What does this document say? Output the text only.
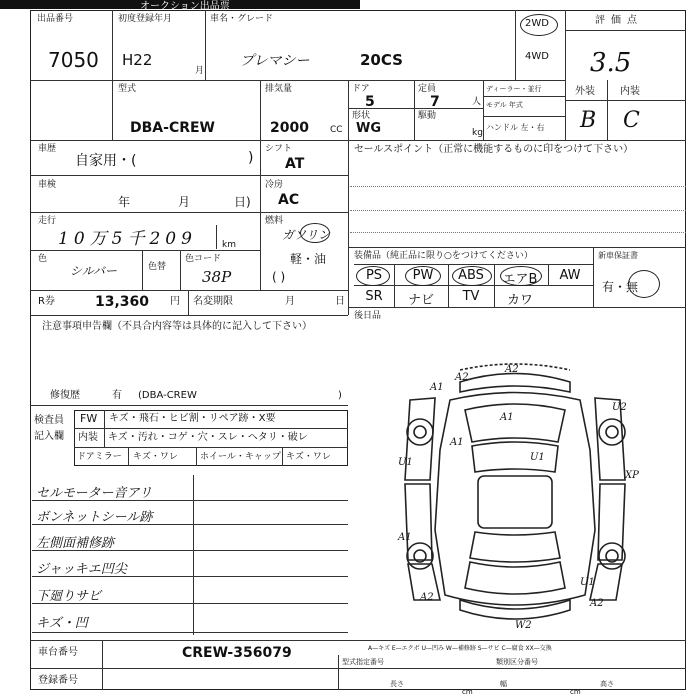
オークション出品票
出品番号
7050
初度登録年月
H22
月
車名・グレード
プレマシー	20CS
2WD
4WD
評価点
3.5
外装	内装
B C
型式
DBA-CREW
排気量
2000 CC
ドア
5
定員
7	人
形状
WG
駆動
kg
ディーラー・並行
モデル 年式
ハンドル 左・右
車歴
自家用・(	)
シフト
AT
車検
年	月	日)
冷房
AC
走行
10万5千209	km
燃料
ガソリン
軽・油
( )
色
シルバー	色替
色コード
38P
R券	13,360 円 名変期限	月	日
セールスポイント（正常に機能するものに印をつけて下さい）
装備品（純正品に限り○をつけてください）	新車保証書
有・無
PS	PW	ABS	エアB	AW
SR	ナビ	TV	カワ
後日品
注意事項申告欄（不具合内容等は具体的に記入して下さい）
修復歴	有 (DBA-CREW	)
検査員
記入欄
FW キズ・飛石・ヒビ割・リペア跡・X要
内装 キズ・汚れ・コゲ・穴・スレ・ヘタリ・破レ
ドアミラー キズ・ワレ ホイール・キャップ キズ・ワレ
セルモーター音アリ
ボンネットシール跡
左側面補修跡
ジャッキエ凹尖
下廻りサビ
キズ・凹
A1
A2
A1
U2
A1
U1	U1
XP
A1
A2
U1
A2
W2
A2
A—キズ E—エクボ U—凹み W—補修跡 S—サビ C—腐食 XX—交換
車台番号	CREW-356079
登録番号
型式指定番号	類別区分番号
長さ	幅	高さ
cm	cm
